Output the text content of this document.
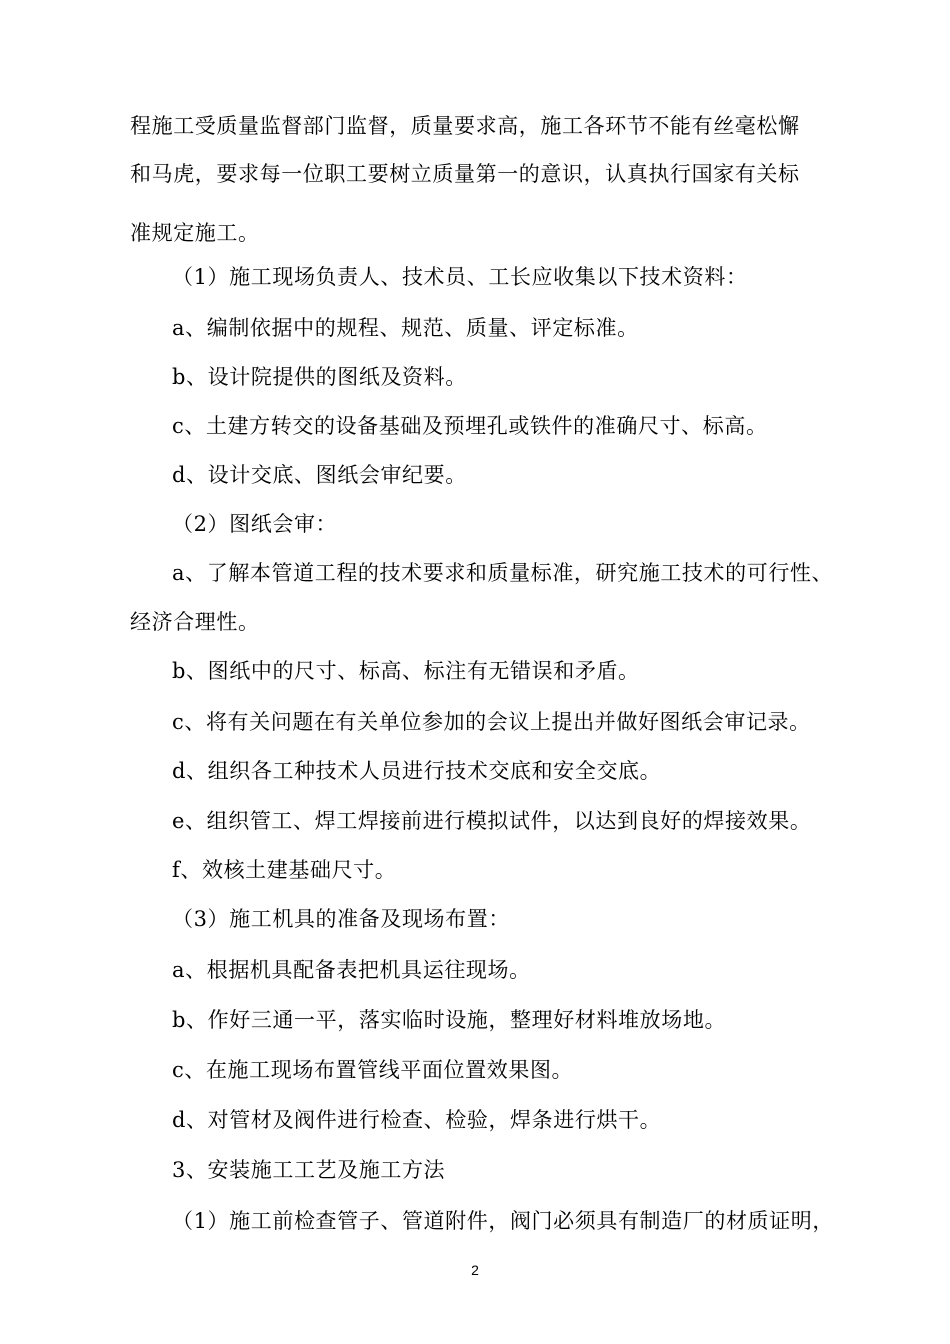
程施工受质量监督部门监督，质量要求高，施工各环节不能有丝毫松懈
和马虎，要求每一位职工要树立质量第一的意识，认真执行国家有关标
准规定施工。
（1）施工现场负责人、技术员、工长应收集以下技术资料：
a、编制依据中的规程、规范、质量、评定标准。
b、设计院提供的图纸及资料。
c、土建方转交的设备基础及预埋孔或铁件的准确尺寸、标高。
d、设计交底、图纸会审纪要。
（2）图纸会审：
a、了解本管道工程的技术要求和质量标准，研究施工技术的可行性、
经济合理性。
b、图纸中的尺寸、标高、标注有无错误和矛盾。
c、将有关问题在有关单位参加的会议上提出并做好图纸会审记录。
d、组织各工种技术人员进行技术交底和安全交底。
e、组织管工、焊工焊接前进行模拟试件，以达到良好的焊接效果。
f、效核土建基础尺寸。
（3）施工机具的准备及现场布置：
a、根据机具配备表把机具运往现场。
b、作好三通一平，落实临时设施，整理好材料堆放场地。
c、在施工现场布置管线平面位置效果图。
d、对管材及阀件进行检查、检验，焊条进行烘干。
3、安装施工工艺及施工方法
（1）施工前检查管子、管道附件，阀门必须具有制造厂的材质证明，
2
